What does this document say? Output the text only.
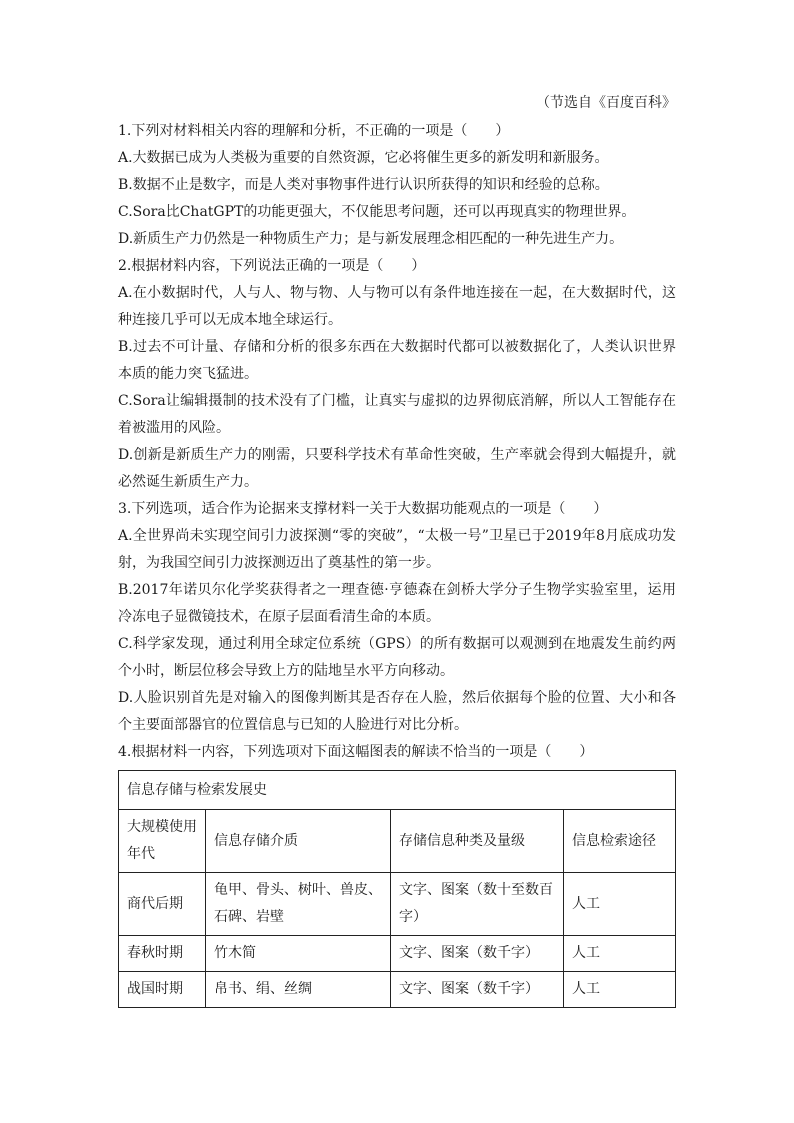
（节选自《百度百科》

1.下列对材料相关内容的理解和分析，不正确的一项是（　　）

A.大数据已成为人类极为重要的自然资源，它必将催生更多的新发明和新服务。

B.数据不止是数字，而是人类对事物事件进行认识所获得的知识和经验的总称。

C.Sora比ChatGPT的功能更强大，不仅能思考问题，还可以再现真实的物理世界。

D.新质生产力仍然是一种物质生产力；是与新发展理念相匹配的一种先进生产力。

2.根据材料内容，下列说法正确的一项是（　　）

A.在小数据时代，人与人、物与物、人与物可以有条件地连接在一起，在大数据时代，这种连接几乎可以无成本地全球运行。

B.过去不可计量、存储和分析的很多东西在大数据时代都可以被数据化了，人类认识世界本质的能力突飞猛进。

C.Sora让编辑摄制的技术没有了门槛，让真实与虚拟的边界彻底消解，所以人工智能存在着被滥用的风险。

D.创新是新质生产力的刚需，只要科学技术有革命性突破，生产率就会得到大幅提升，就必然诞生新质生产力。

3.下列选项，适合作为论据来支撑材料一关于大数据功能观点的一项是（　　）

A.全世界尚未实现空间引力波探测“零的突破”，“太极一号”卫星已于2019年8月底成功发射，为我国空间引力波探测迈出了奠基性的第一步。

B.2017年诺贝尔化学奖获得者之一理查德·亨德森在剑桥大学分子生物学实验室里，运用冷冻电子显微镜技术，在原子层面看清生命的本质。

C.科学家发现，通过利用全球定位系统（GPS）的所有数据可以观测到在地震发生前约两个小时，断层位移会导致上方的陆地呈水平方向移动。

D.人脸识别首先是对输入的图像判断其是否存在人脸，然后依据每个脸的位置、大小和各个主要面部器官的位置信息与已知的人脸进行对比分析。

4.根据材料一内容，下列选项对下面这幅图表的解读不恰当的一项是（　　）

信息存储与检索发展史			
大规模使用年代	信息存储介质	存储信息种类及量级	信息检索途径
商代后期	龟甲、骨头、树叶、兽皮、石碑、岩壁	文字、图案（数十至数百字）	人工
春秋时期	竹木简	文字、图案（数千字）	人工
战国时期	帛书、绢、丝绸	文字、图案（数千字）	人工
